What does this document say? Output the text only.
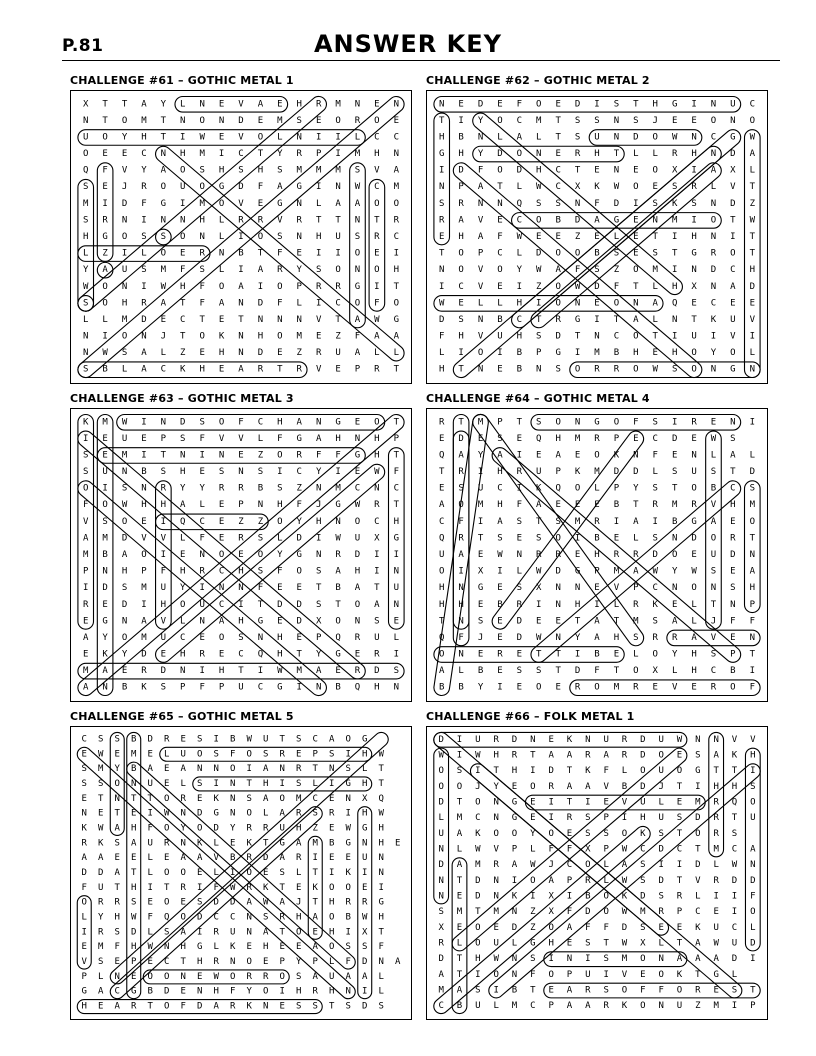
P.81	ANSWER KEY
CHALLENGE #61 – GOTHIC METAL 1
X T T A Y L N E V A E H R M N E N
N T O M T N O N D E M S E O R O E
U O Y H T I W E V O L N I I L C C
O E E C N H M I C T Y R P I M H N
Q F V Y A O S H S H S M M M S V A
S E J R O U O G D F A G I N W C M
M I D F G I M O V E G N L A A O O
S R N I N N H L R R V R T T N T R
H G O S S O N L I O S N H U S R C
L Z I L O E R N B T F E I I O E I
Y A U S M F S L I A R Y S O N O H
W O N I W H F O A I O P R R G I T
S O H R A T F A N D F L I C O F O
L L M D E C T E T N N N V T A W G
N I O N J T O K N H O M E Z F A A
N W S A L Z E H N D E Z R U A L L
S B L A C K H E A R T R V E P R T
CHALLENGE #62 – GOTHIC METAL 2
N E D E F O E D I S T H G I N U C
T I Y O C M T S S N S J E E O N O
H B N L A L T S U N D O W N C G W
G H Y D O N E R H T L L R H N D A
I D F O D H C T E N E O X I A X L
N P A T L W C X K W O E S R L V T
S R N N Q S S N F D I S K S N D Z
R A V E C O B D A G E N M I O T W
E H A F W E E Z E L E T I H N I T
T O P C L D O O B S E S T G R O T
N O V O Y W A F S Z O M I N D C H
I C V E I Z O W D F T L H X N A D
W E L L H I O N E O N A Q E C E E
D S N B C T R G I T A L N T K U V
F H V U H S D T N C O T I U I V I
L I O I B P G I M B H E H O Y O L
H T N E B N S O R R O W S O N G N
CHALLENGE #63 – GOTHIC METAL 3
K M W I N D S O F C H A N G E O T
I E U E P S F V V L F G A H N H P
S E M I T N I N E Z O R F F G H T
S U N B S H E S N S I C Y I E W F
O I S N R Y Y R R B S Z N M C N C
F O W H H A L E P N H F J G W R T
V S O E I Q C E Z Z O Y H N O C H
A M D V V L F E R S L D I W U X G
M B A O I E N O E O Y G N R D I I
P N H P F H R C H S F O S A H I N
I D S M U Y I N N F E E T B A T U
R E D I H O U C I T D D S T O A N
E G N A V L N A H G E D X O N S E
A Y O M U C E O S N H E P Q R U L
E K Y D E H R E C Q H T Y G E R I
M A E R D N I H T I W M A E R D S
A N B K S P F P U C G I N B Q H N
CHALLENGE #64 – GOTHIC METAL 4
R T M P T S O N G O F S I R E N I
E D E S E Q H M R P E C D E W S
Q A Y A I E A E O K N F E N L A L
T R I H R U P K M D D L S U S T D
E S U C I K Q O L P Y S T O B C S
A O M H F A E E E B T R M R V H M
C F I A S T S M R I A I B G A E O
Q R T S E S O I B E L S N D O R T
U A E W N R R E H R R D O E U D N
O I X I L W D G P M A W Y W S E A
H N G E S X N N E V P C N O N S H
H H E B R I N H I L R K E L T N P
T N S E D E E T A T M S A L J F F
Q F J E D W N Y A H S R R A V E N
O N E R E T T I B E L O Y H S P T
A L B E S S T D F T O X L H C B I
B B Y I E O E R O M R E V E R O F
CHALLENGE #65 – GOTHIC METAL 5
C S S B D R E S I B W U T S C A O G
E W E M E L U O S F O S R E P S I H W
S M Y B A E A N N O I A N R T N S L T
S S O N U E L S I N T H I S L I G H T
E T N T T O R E K N S A O M C E N X Q
N E T E I W N D G N O L A R S R I H W
K W A H F O Y O D Y R R U H Z E W G H
R K S A U R N K L E K T G A M B G N H E
A A E E L E A A V B R D A R I E E U N
D D A T L O O E L I O E S L T I K I N
F U T H I T R I F W R K T E K O O E I
O R R S E O E S D D A W A J T H R R G
L Y H W F Q O D C C N S R H A O B W H
I R S D L S A I R U N A T O E H I X T
E M F H W N H G L K E H E E A O S S F
V S E P E C T H R N O E P Y P L F D N A
P L N E O O N E W O R R O S A U A A L
G A C G B D E N H F Y O I H R H N I L
H E A R T O F D A R K N E S S T S D S
CHALLENGE #66 – FOLK METAL 1
D I U R D N E K N U R D U W N N V V
W I W H R T A A R A R D O E S A K H
O S I T H I D T K F L O U O G T T I
O O J Y E O R A A V B D J T I H H S
D T O N G E I T I E V U L E M R Q O
L M C N G E I R S P I H U S D R T U
U A K O O Y O E S S O K S T O R S
N L W V P L F F X P W C D C T M C A
D A M R A W J C O L A S I I D L W N
N T D N I O A P R L W S D T V R D D
N E D N K I X I B O K D S R L I I F
S M T M N Z X F D O W M R P C E I O
X E O E D Z O A F F D S E E K U C L
R L O U L G H E S T W X L T A W U D
D T H W N S I N I S M O N A A A D I
A T I O N F O P U I V E O K T G L
M A S I B T E A R S O F F O R E S T
C B U L M C P A A R K O N U Z M I P
